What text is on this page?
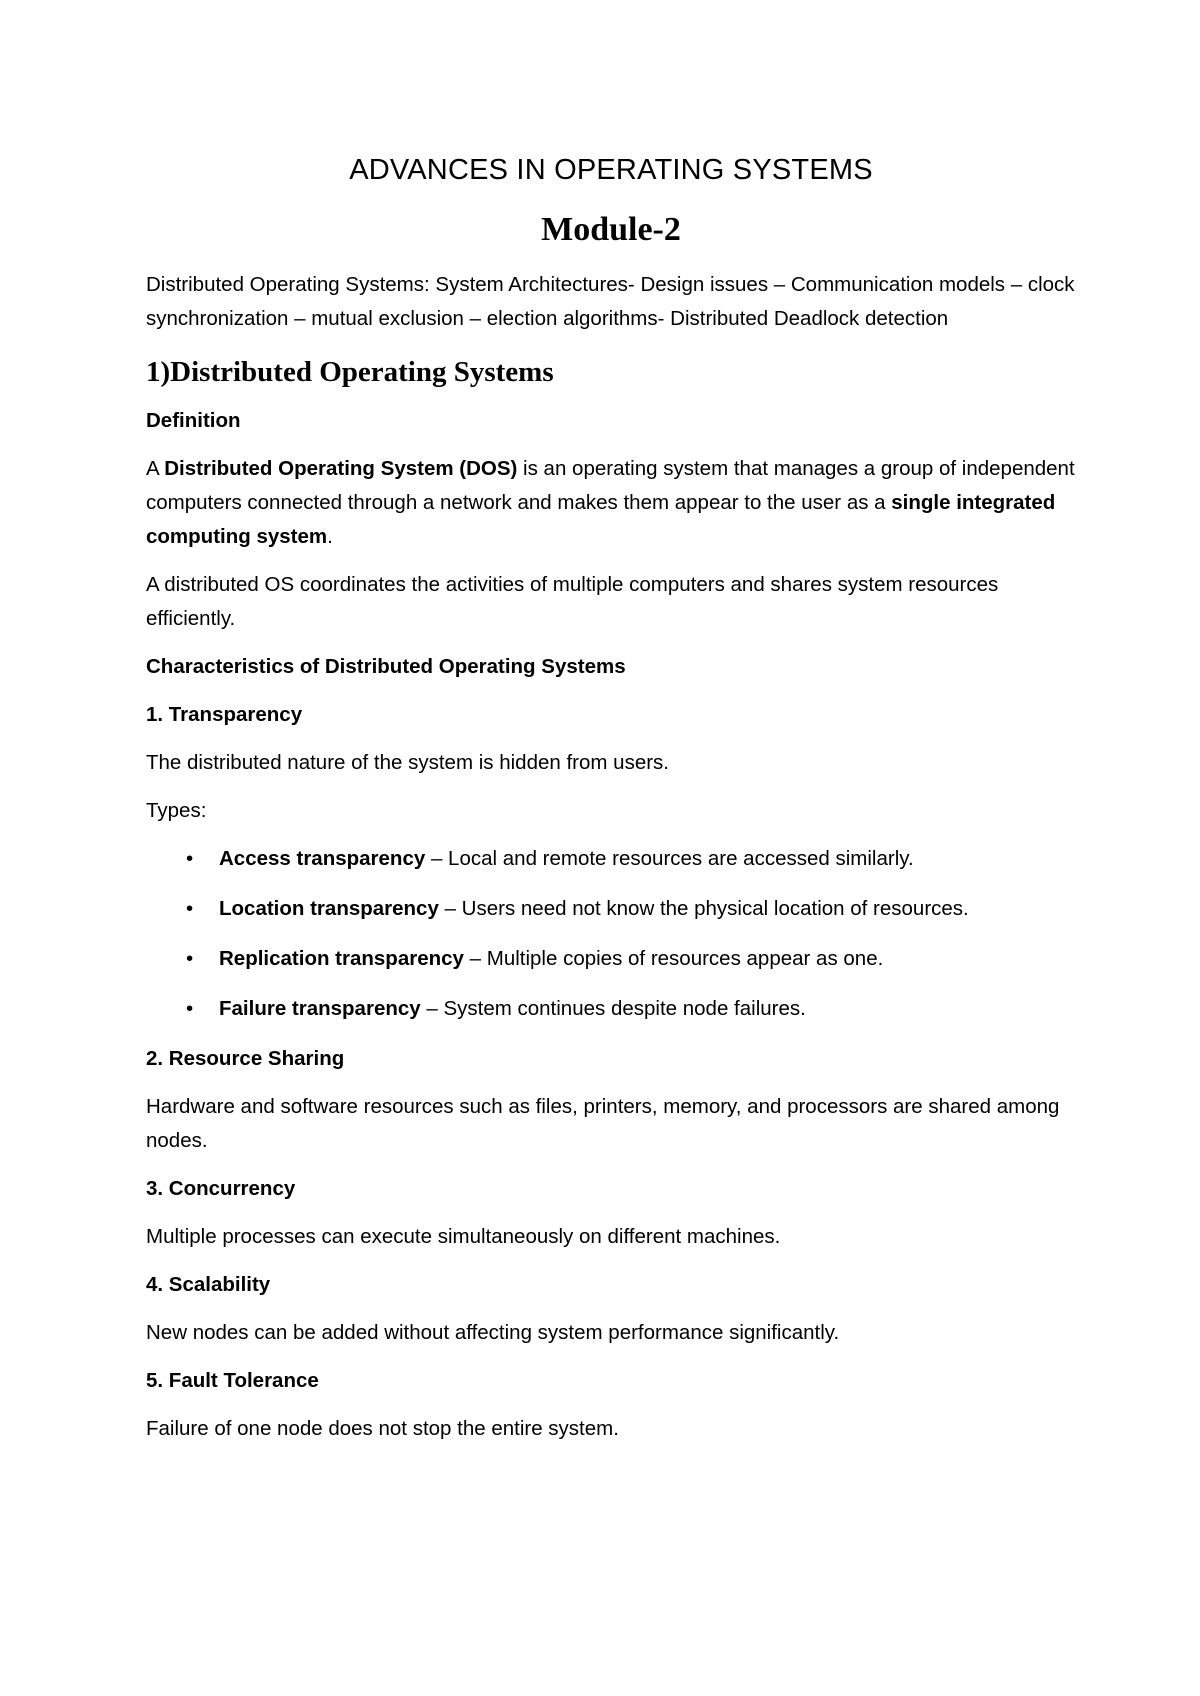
ADVANCES IN OPERATING SYSTEMS
Module-2

Distributed Operating Systems: System Architectures- Design issues – Communication models – clock synchronization – mutual exclusion – election algorithms- Distributed Deadlock detection

1)Distributed Operating Systems
Definition

A Distributed Operating System (DOS) is an operating system that manages a group of independent computers connected through a network and makes them appear to the user as a single integrated computing system.

A distributed OS coordinates the activities of multiple computers and shares system resources efficiently.

Characteristics of Distributed Operating Systems
1. Transparency

The distributed nature of the system is hidden from users.

Types:

• Access transparency – Local and remote resources are accessed similarly.
• Location transparency – Users need not know the physical location of resources.
• Replication transparency – Multiple copies of resources appear as one.
• Failure transparency – System continues despite node failures.
2. Resource Sharing

Hardware and software resources such as files, printers, memory, and processors are shared among nodes.

3. Concurrency

Multiple processes can execute simultaneously on different machines.

4. Scalability

New nodes can be added without affecting system performance significantly.

5. Fault Tolerance

Failure of one node does not stop the entire system.
